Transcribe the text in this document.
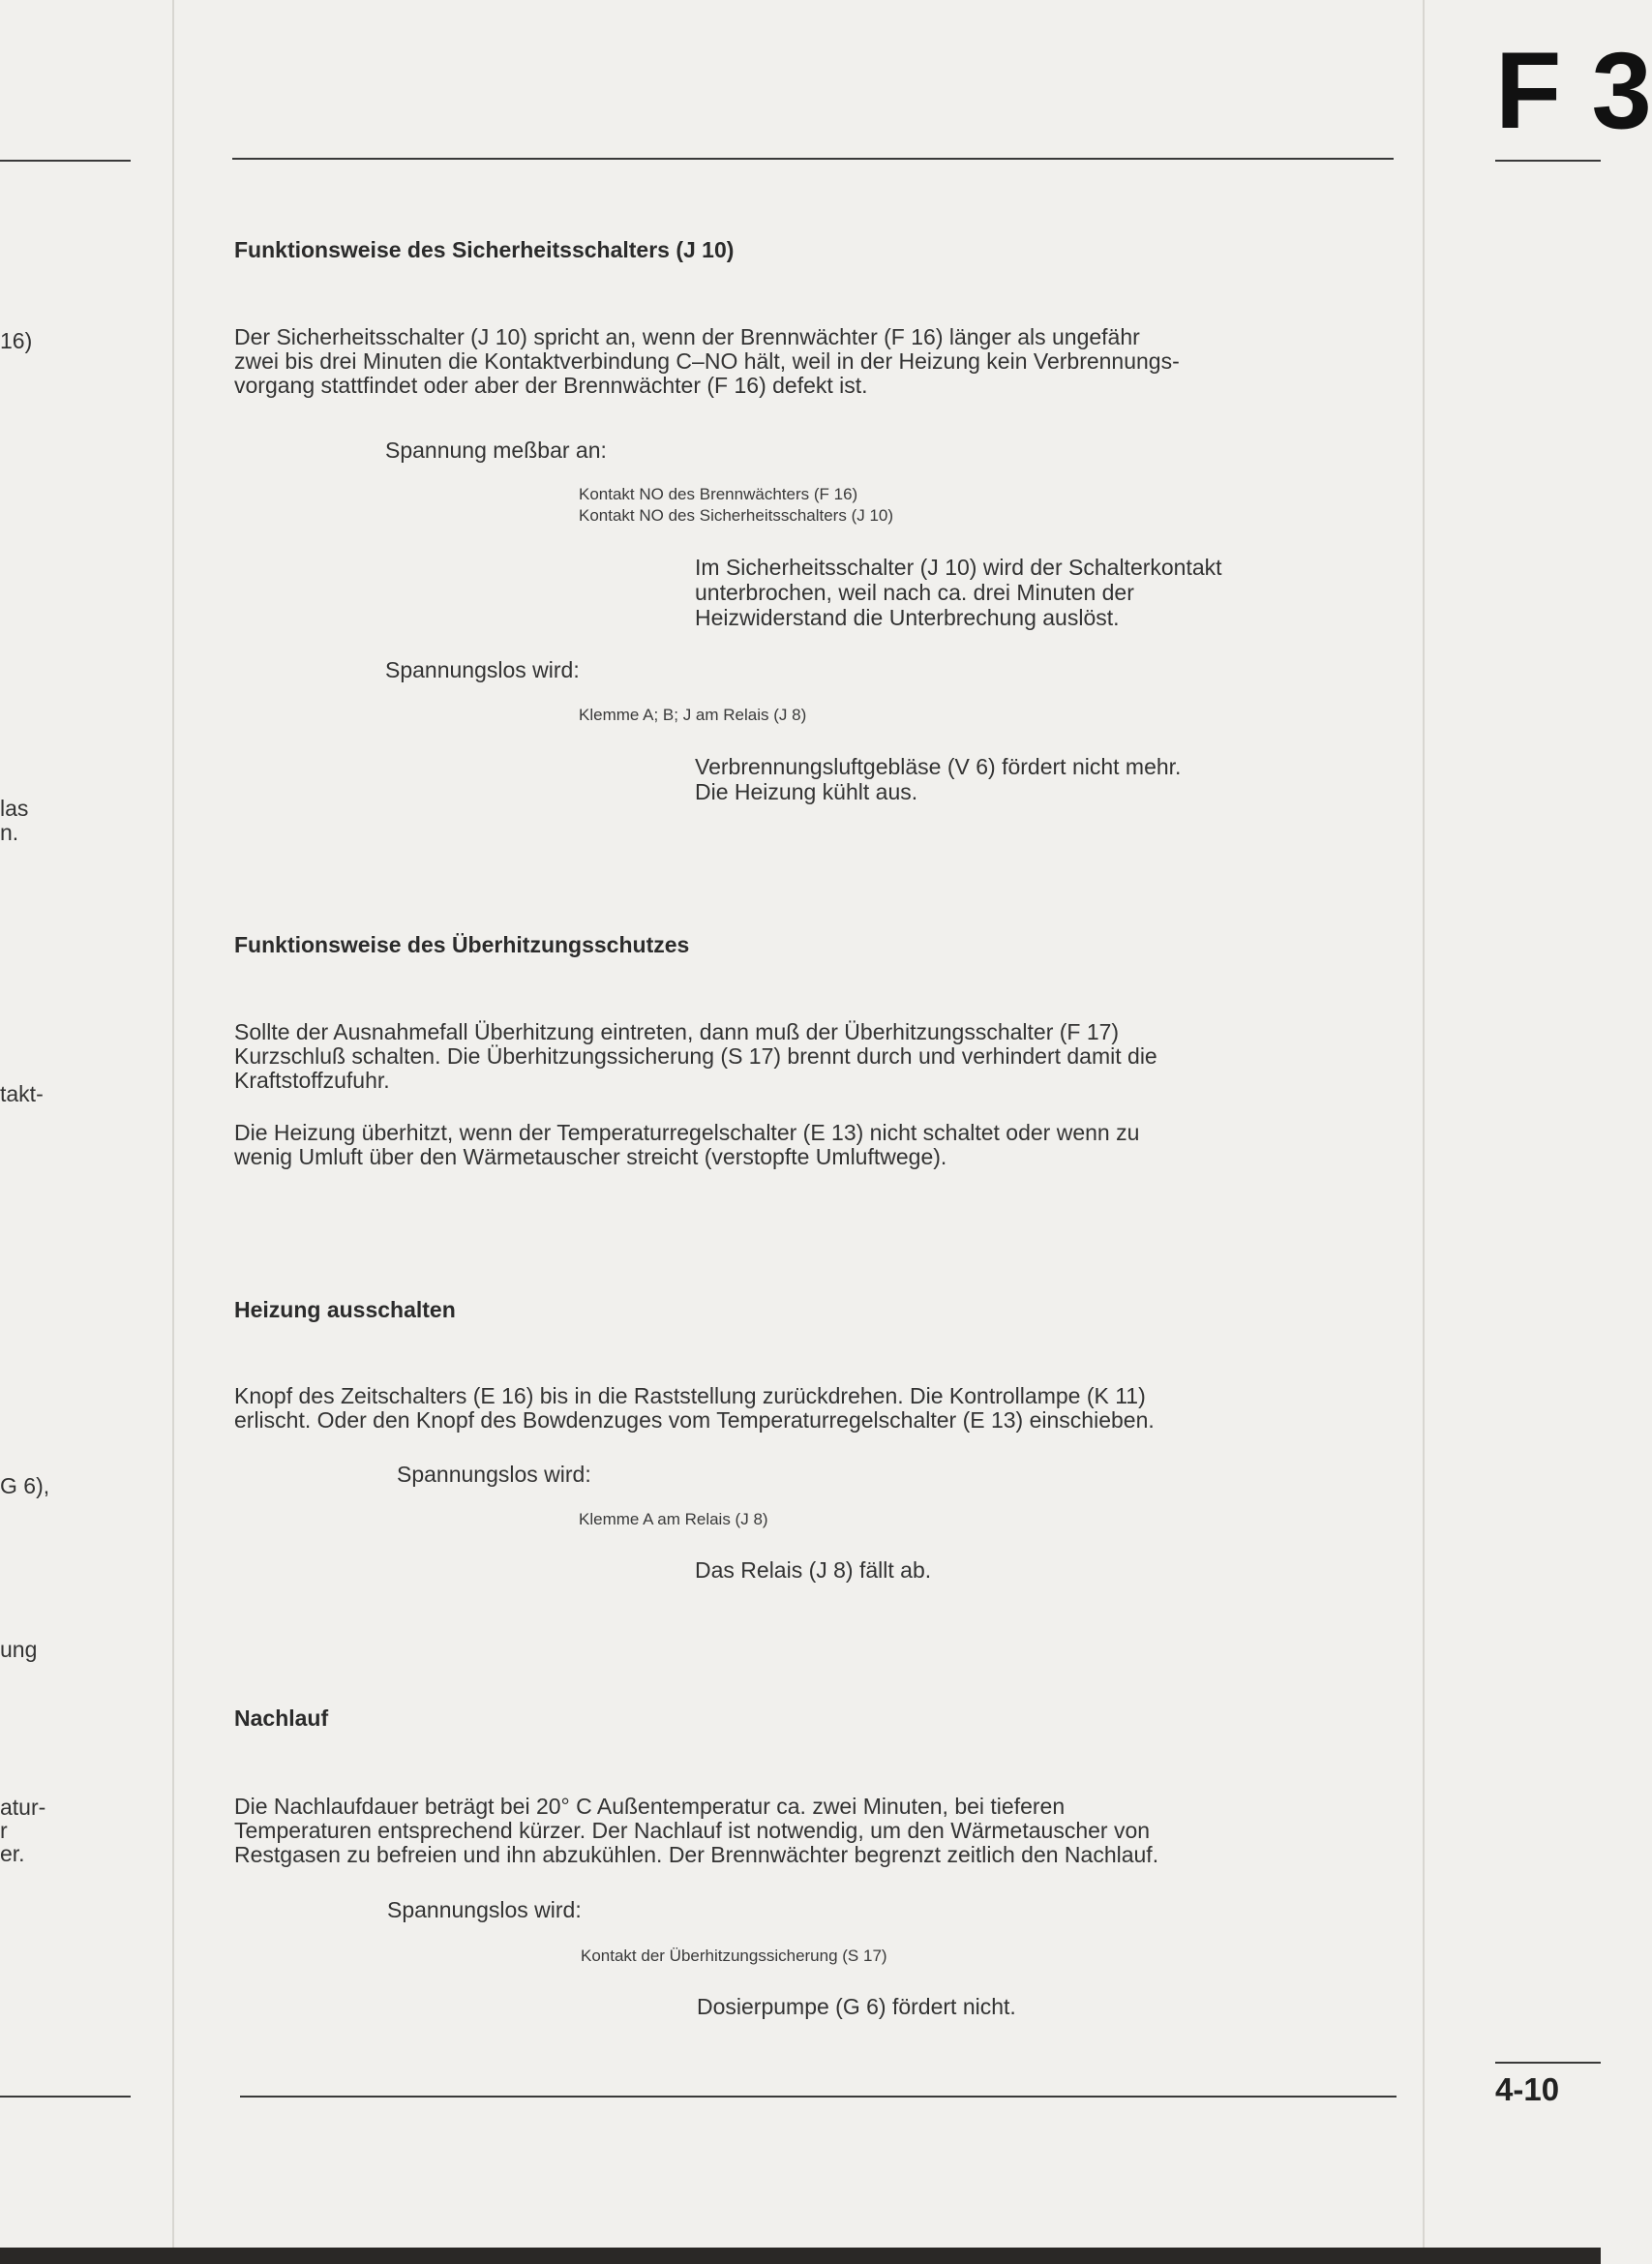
F 3
16)
las
n.
takt-
G 6),
ung
atur-
r
er.
Funktionsweise des Sicherheitsschalters (J 10)
Der Sicherheitsschalter (J 10) spricht an, wenn der Brennwächter (F 16) länger als ungefähr
zwei bis drei Minuten die Kontaktverbindung C–NO hält, weil in der Heizung kein Verbrennungs-
vorgang stattfindet oder aber der Brennwächter (F 16) defekt ist.
Spannung meßbar an:
Kontakt NO des Brennwächters (F 16)
Kontakt NO des Sicherheitsschalters (J 10)
Im Sicherheitsschalter (J 10) wird der Schalterkontakt
unterbrochen, weil nach ca. drei Minuten der
Heizwiderstand die Unterbrechung auslöst.
Spannungslos wird:
Klemme A; B; J am Relais (J 8)
Verbrennungsluftgebläse (V 6) fördert nicht mehr.
Die Heizung kühlt aus.
Funktionsweise des Überhitzungsschutzes
Sollte der Ausnahmefall Überhitzung eintreten, dann muß der Überhitzungsschalter (F 17)
Kurzschluß schalten. Die Überhitzungssicherung (S 17) brennt durch und verhindert damit die
Kraftstoffzufuhr.
Die Heizung überhitzt, wenn der Temperaturregelschalter (E 13) nicht schaltet oder wenn zu
wenig Umluft über den Wärmetauscher streicht (verstopfte Umluftwege).
Heizung ausschalten
Knopf des Zeitschalters (E 16) bis in die Raststellung zurückdrehen. Die Kontrollampe (K 11)
erlischt. Oder den Knopf des Bowdenzuges vom Temperaturregelschalter (E 13) einschieben.
Spannungslos wird:
Klemme A am Relais (J 8)
Das Relais (J 8) fällt ab.
Nachlauf
Die Nachlaufdauer beträgt bei 20° C Außentemperatur ca. zwei Minuten, bei tieferen
Temperaturen entsprechend kürzer. Der Nachlauf ist notwendig, um den Wärmetauscher von
Restgasen zu befreien und ihn abzukühlen. Der Brennwächter begrenzt zeitlich den Nachlauf.
Spannungslos wird:
Kontakt der Überhitzungssicherung (S 17)
Dosierpumpe (G 6) fördert nicht.
4-10
